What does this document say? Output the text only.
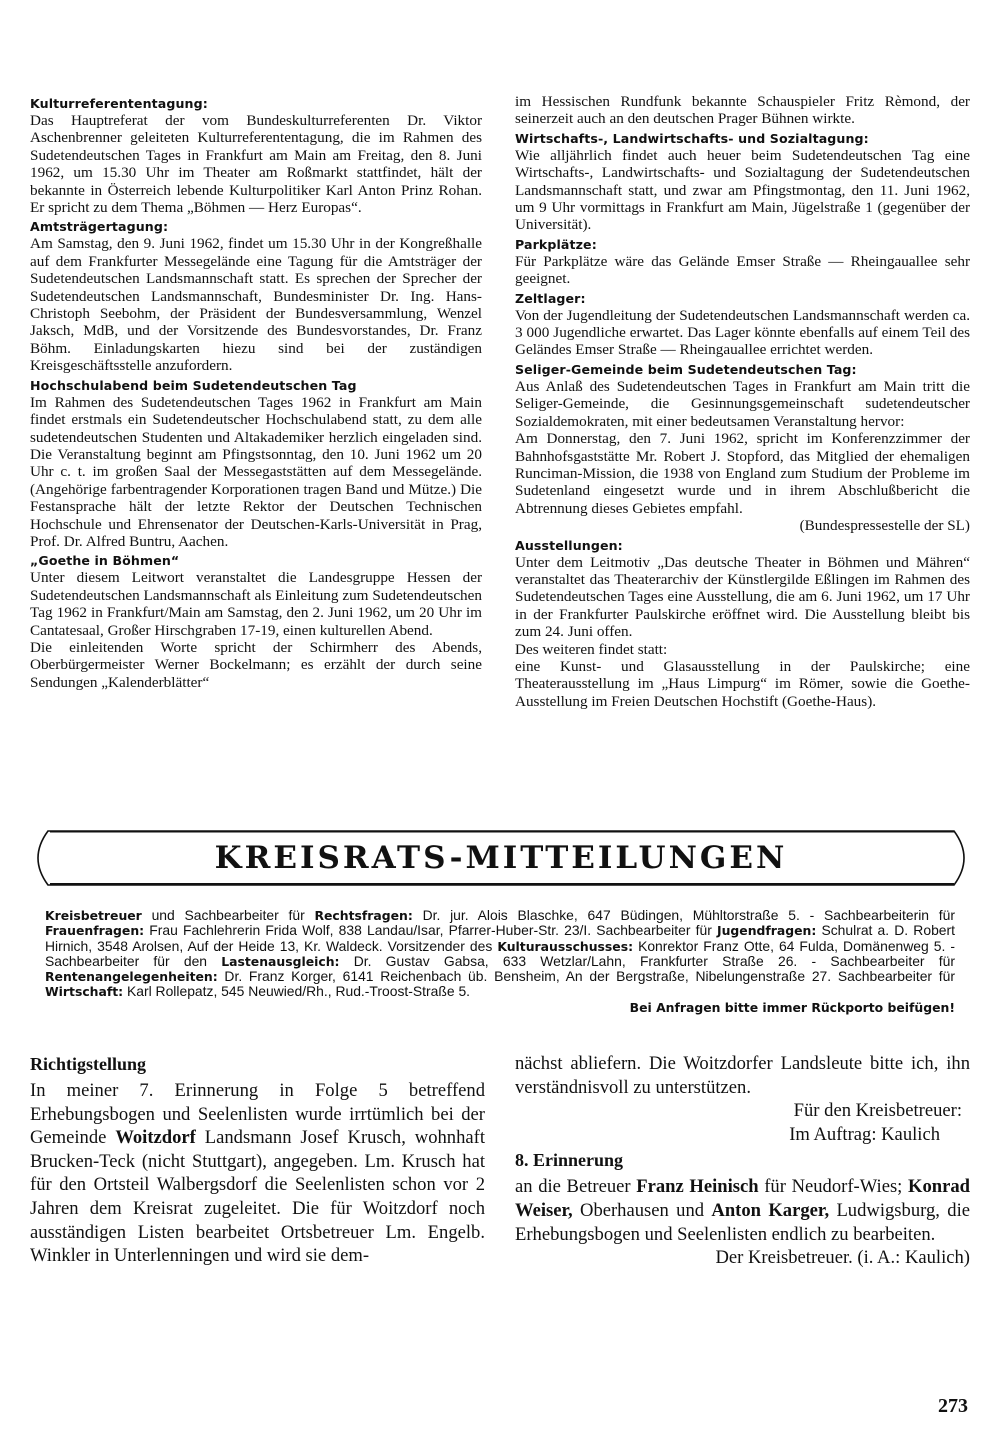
Kulturreferententagung:

Das Hauptreferat der vom Bundeskulturreferenten Dr. Viktor Aschenbrenner geleiteten Kulturreferententagung, die im Rahmen des Sudetendeutschen Tages in Frankfurt am Main am Freitag, den 8. Juni 1962, um 15.30 Uhr im Theater am Roßmarkt stattfindet, hält der bekannte in Österreich lebende Kulturpolitiker Karl Anton Prinz Rohan. Er spricht zu dem Thema „Böhmen — Herz Europas“.

Amtsträgertagung:

Am Samstag, den 9. Juni 1962, findet um 15.30 Uhr in der Kongreßhalle auf dem Frankfurter Messegelände eine Tagung für die Amtsträger der Sudetendeutschen Landsmannschaft statt. Es sprechen der Sprecher der Sudetendeutschen Landsmannschaft, Bundesminister Dr. Ing. Hans-Christoph Seebohm, der Präsident der Bundesversammlung, Wenzel Jaksch, MdB, und der Vorsitzende des Bundesvorstandes, Dr. Franz Böhm. Einladungskarten hiezu sind bei der zuständigen Kreisgeschäftsstelle anzufordern.

Hochschulabend beim Sudetendeutschen Tag

Im Rahmen des Sudetendeutschen Tages 1962 in Frankfurt am Main findet erstmals ein Sudetendeutscher Hochschulabend statt, zu dem alle sudetendeutschen Studenten und Altakademiker herzlich eingeladen sind. Die Veranstaltung beginnt am Pfingstsonntag, den 10. Juni 1962 um 20 Uhr c. t. im großen Saal der Messegaststätten auf dem Messegelände. (Angehörige farbentragender Korporationen tragen Band und Mütze.) Die Festansprache hält der letzte Rektor der Deutschen Technischen Hochschule und Ehrensenator der Deutschen-Karls-Universität in Prag, Prof. Dr. Alfred Buntru, Aachen.

„Goethe in Böhmen“

Unter diesem Leitwort veranstaltet die Landesgruppe Hessen der Sudetendeutschen Landsmannschaft als Einleitung zum Sudetendeutschen Tag 1962 in Frankfurt/Main am Samstag, den 2. Juni 1962, um 20 Uhr im Cantatesaal, Großer Hirschgraben 17-19, einen kulturellen Abend.

Die einleitenden Worte spricht der Schirmherr des Abends, Oberbürgermeister Werner Bockelmann; es erzählt der durch seine Sendungen „Kalenderblätter“

im Hessischen Rundfunk bekannte Schauspieler Fritz Rèmond, der seinerzeit auch an den deutschen Prager Bühnen wirkte.

Wirtschafts-, Landwirtschafts- und Sozialtagung:

Wie alljährlich findet auch heuer beim Sudetendeutschen Tag eine Wirtschafts-, Landwirtschafts- und Sozialtagung der Sudetendeutschen Landsmannschaft statt, und zwar am Pfingstmontag, den 11. Juni 1962, um 9 Uhr vormittags in Frankfurt am Main, Jügelstraße 1 (gegenüber der Universität).

Parkplätze:

Für Parkplätze wäre das Gelände Emser Straße — Rheingauallee sehr geeignet.

Zeltlager:

Von der Jugendleitung der Sudetendeutschen Landsmannschaft werden ca. 3 000 Jugendliche erwartet. Das Lager könnte ebenfalls auf einem Teil des Geländes Emser Straße — Rheingauallee errichtet werden.

Seliger-Gemeinde beim Sudetendeutschen Tag:

Aus Anlaß des Sudetendeutschen Tages in Frankfurt am Main tritt die Seliger-Gemeinde, die Gesinnungsgemeinschaft sudetendeutscher Sozialdemokraten, mit einer bedeutsamen Veranstaltung hervor:

Am Donnerstag, den 7. Juni 1962, spricht im Konferenzzimmer der Bahnhofsgaststätte Mr. Robert J. Stopford, das Mitglied der ehemaligen Runciman-Mission, die 1938 von England zum Studium der Probleme im Sudetenland eingesetzt wurde und in ihrem Abschlußbericht die Abtrennung dieses Gebietes empfahl.

(Bundespressestelle der SL)

Ausstellungen:

Unter dem Leitmotiv „Das deutsche Theater in Böhmen und Mähren“ veranstaltet das Theaterarchiv der Künstlergilde Eßlingen im Rahmen des Sudetendeutschen Tages eine Ausstellung, die am 6. Juni 1962, um 17 Uhr in der Frankfurter Paulskirche eröffnet wird. Die Ausstellung bleibt bis zum 24. Juni offen.

Des weiteren findet statt:

eine Kunst- und Glasausstellung in der Paulskirche; eine Theaterausstellung im „Haus Limpurg“ im Römer, sowie die Goethe-Ausstellung im Freien Deutschen Hochstift (Goethe-Haus).

KREISRATS-MITTEILUNGEN
Kreisbetreuer und Sachbearbeiter für Rechtsfragen: Dr. jur. Alois Blaschke, 647 Büdingen, Mühltorstraße 5. - Sachbearbeiterin für Frauenfragen: Frau Fachlehrerin Frida Wolf, 838 Landau/Isar, Pfarrer-Huber-Str. 23/I. Sachbearbeiter für Jugendfragen: Schulrat a. D. Robert Hirnich, 3548 Arolsen, Auf der Heide 13, Kr. Waldeck. Vorsitzender des Kulturausschusses: Konrektor Franz Otte, 64 Fulda, Domänenweg 5. - Sachbearbeiter für den Lastenausgleich: Dr. Gustav Gabsa, 633 Wetzlar/Lahn, Frankfurter Straße 26. - Sachbearbeiter für Rentenangelegenheiten: Dr. Franz Korger, 6141 Reichenbach üb. Bensheim, An der Bergstraße, Nibelungenstraße 27. Sachbearbeiter für Wirtschaft: Karl Rollepatz, 545 Neuwied/Rh., Rud.-Troost-Straße 5.
Bei Anfragen bitte immer Rückporto beifügen!
Richtigstellung

In meiner 7. Erinnerung in Folge 5 betreffend Erhebungsbogen und Seelenlisten wurde irrtümlich bei der Gemeinde Woitzdorf Landsmann Josef Krusch, wohnhaft Brucken-Teck (nicht Stuttgart), angegeben. Lm. Krusch hat für den Ortsteil Walbergsdorf die Seelenlisten schon vor 2 Jahren dem Kreisrat zugeleitet. Die für Woitzdorf noch ausständigen Listen bearbeitet Ortsbetreuer Lm. Engelb. Winkler in Unterlenningen und wird sie dem-

nächst abliefern. Die Woitzdorfer Landsleute bitte ich, ihn verständnisvoll zu unterstützen.

Für den Kreisbetreuer:

Im Auftrag: Kaulich

8. Erinnerung

an die Betreuer Franz Heinisch für Neudorf-Wies; Konrad Weiser, Oberhausen und Anton Karger, Ludwigsburg, die Erhebungsbogen und Seelenlisten endlich zu bearbeiten.

Der Kreisbetreuer. (i. A.: Kaulich)

273
